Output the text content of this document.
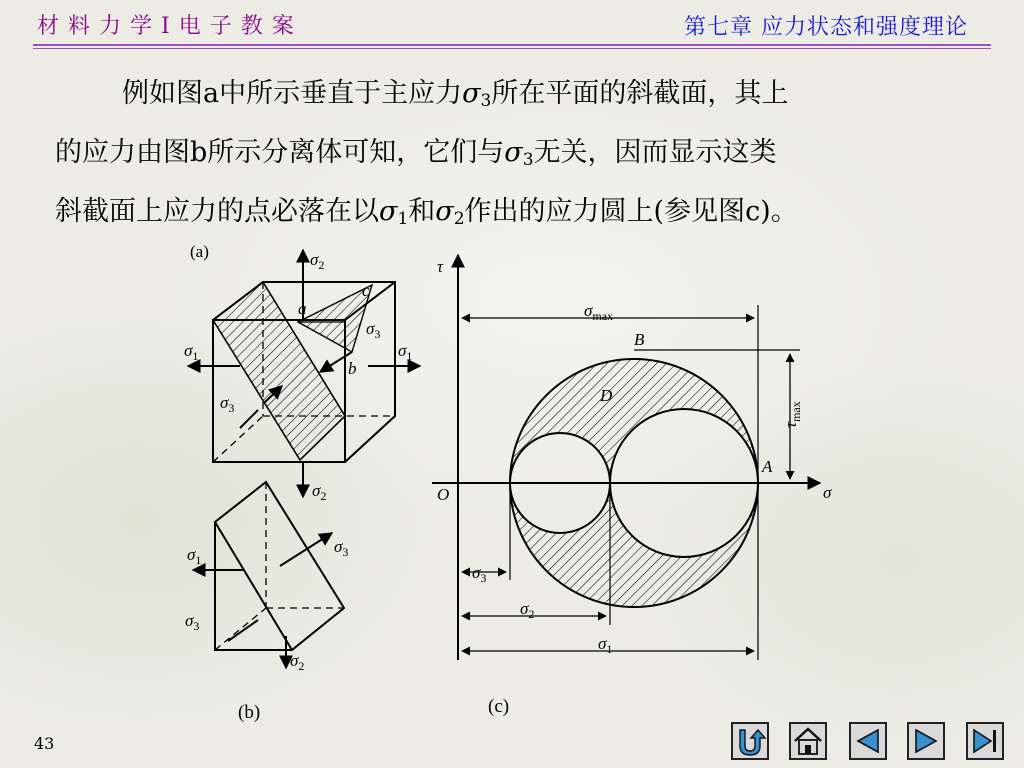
材料力学Ⅰ电子教案	第七章 应力状态和强度理论
例如图a中所示垂直于主应力$\sigma_3$所在平面的斜截面，其上
的应力由图b所示分离体可知，它们与$\sigma_3$无关，因而显示这类
斜截面上应力的点必落在以$\sigma_1$和$\sigma_2$作出的应力圆上(参见图c)。
(a)	$\sigma_2$
$\sigma_2$
$\sigma_1$	$\sigma_1$
$\sigma_3$
$\sigma_3$
a
b
c
$\sigma_1$
$\sigma_3$
$\sigma_3$
$\sigma_2$
(b)
τ
σ
O
A
B
D
$\sigma_{max}$
$\sigma_3$
$\sigma_2$
$\sigma_1$
$\tau_{max}$
(c)
43
